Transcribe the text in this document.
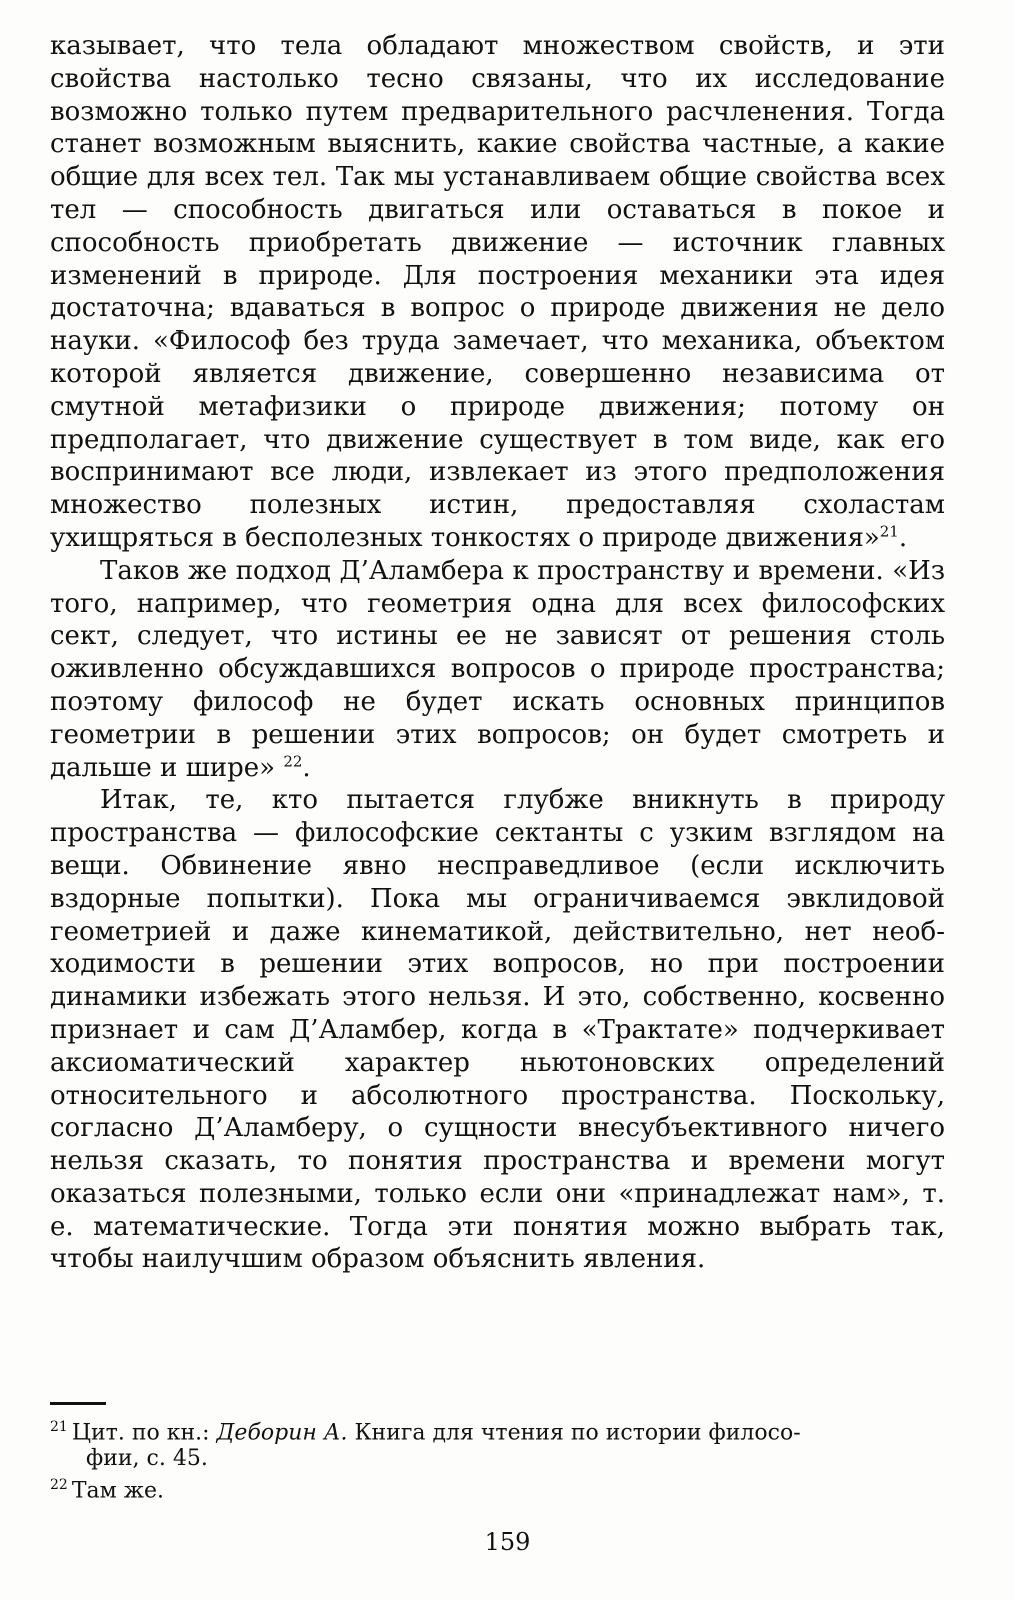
казывает, что тела обладают множеством свойств, и эти свойства настолько тесно связаны, что их исследование возможно только путем предварительного расчленения. Тогда станет возможным выяснить, какие свойства частные, а какие общие для всех тел. Так мы устанавливаем общие свойства всех тел — способность двигаться или оставаться в покое и способность приобретать движение — источник главных изменений в природе. Для построения механики эта идея достаточна; вдаваться в вопрос о природе движения не дело науки. «Философ без труда замечает, что механика, объектом которой является движение, совершенно независима от смутной метафизики о природе движения; потому он предполагает, что движение существует в том виде, как его воспринимают все люди, извлекает из этого предположения множество полезных истин, предоставляя схоластам ухищряться в бесполезных тонкостях о природе движения»$^{21}$.

Таков же подход Д’Аламбера к пространству и времени. «Из того, например, что геометрия одна для всех философских сект, следует, что истины ее не зависят от решения столь оживленно обсуждавшихся вопросов о природе пространства; поэтому философ не будет искать основных принципов геометрии в решении этих вопросов; он будет смотреть и дальше и шире» $^{22}$.

Итак, те, кто пытается глубже вникнуть в природу пространства — философские сектанты с узким взглядом на вещи. Обвинение явно несправедливое (если исключить вздорные попытки). Пока мы ограничиваемся эвклидовой геометрией и даже кинематикой, действительно, нет необходимости в решении этих вопросов, но при построении динамики избежать этого нельзя. И это, собственно, косвенно признает и сам Д’Аламбер, когда в «Трактате» подчеркивает аксиоматический характер ньютоновских определений относительного и абсолютного пространства. Поскольку, согласно Д’Аламберу, о сущности внесубъективного ничего нельзя сказать, то понятия пространства и времени могут оказаться полезными, только если они «принадлежат нам», т. е. математические. Тогда эти понятия можно выбрать так, чтобы наилучшим образом объяснить явления.

$^{21}$ Цит. по кн.: Деборин А. Книга для чтения по истории филосо-
фии, с. 45.

$^{22}$ Там же.

159
